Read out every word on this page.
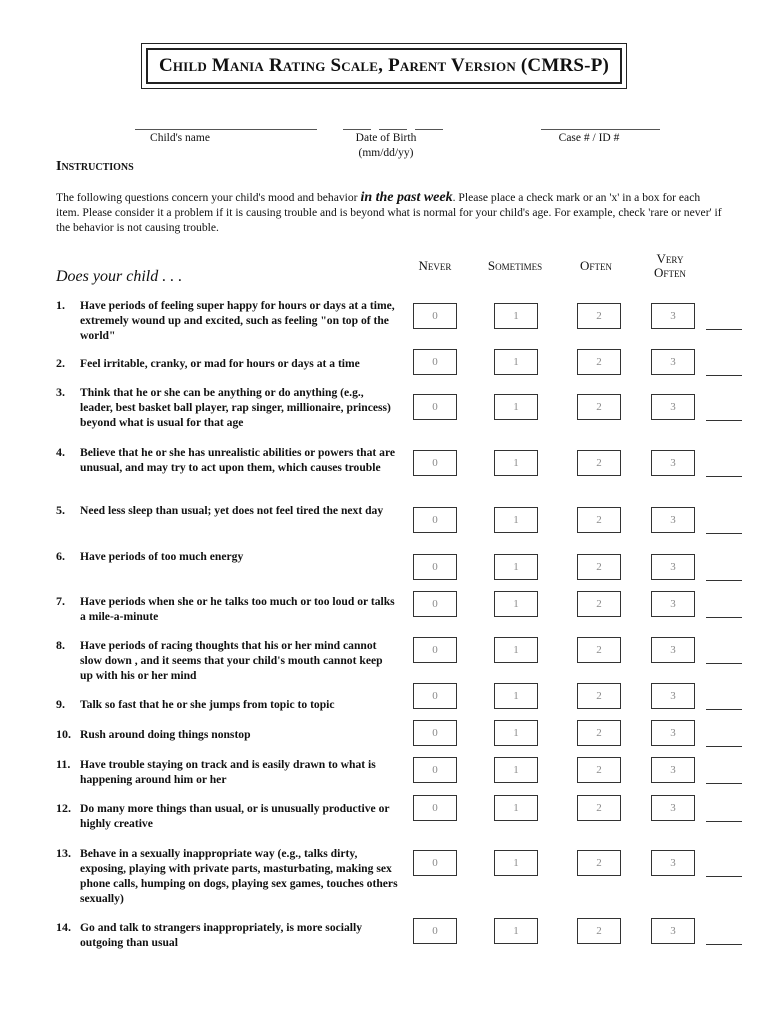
Child Mania Rating Scale, Parent Version (CMRS-P)
Child's name	Date of Birth
(mm/dd/yy)
Case # / ID #
Instructions
The following questions concern your child's mood and behavior in the past week. Please place a check mark or an 'x' in a box for each item. Please consider it a problem if it is causing trouble and is beyond what is normal for your child's age. For example, check 'rare or never' if the behavior is not causing trouble.
Does your child . . .
Never	Sometimes	Often	Very Often
1. Have periods of feeling super happy for hours or days at a time, extremely wound up and excited, such as feeling "on top of the world"
0	1	2	3
2. Feel irritable, cranky, or mad for hours or days at a time	0	1	2	3
3. Think that he or she can be anything or do anything (e.g., leader, best basket ball player, rap singer, millionaire, princess) beyond what is usual for that age
0	1	2	3
4. Believe that he or she has unrealistic abilities or powers that are unusual, and may try to act upon them, which causes trouble	0	1	2	3
5. Need less sleep than usual; yet does not feel tired the next day
0	1	2	3
6. Have periods of too much energy
0	1	2	3
7. Have periods when she or he talks too much or too loud or talks a mile-a-minute
0	1	2	3
8. Have periods of racing thoughts that his or her mind cannot slow down , and it seems that your child's mouth cannot keep up with his or her mind
0	1	2	3
9. Talk so fast that he or she jumps from topic to topic
0	1	2	3
10. Rush around doing things nonstop	0	1	2	3
11. Have trouble staying on track and is easily drawn to what is happening around him or her
0	1	2	3
12. Do many more things than usual, or is unusually productive or highly creative
0	1	2	3
13. Behave in a sexually inappropriate way (e.g., talks dirty, exposing, playing with private parts, masturbating, making sex phone calls, humping on dogs, playing sex games, touches others sexually)
0	1	2	3
14. Go and talk to strangers inappropriately, is more socially outgoing than usual
0	1	2	3
